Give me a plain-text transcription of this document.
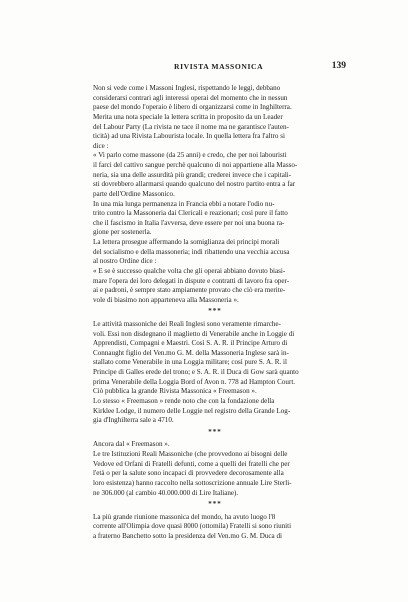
RIVISTA MASSONICA	139

Non si vede come i Massoni Inglesi, rispettando le leggi, debbano
considerarsi contrari agli interessi operai del momento che in nessun
paese del mondo l'operaio è libero di organizzarsi come in Inghilterra.

Merita una nota speciale la lettera scritta in proposito da un Leader
del Labour Party (La rivista ne tace il nome ma ne garantisce l'auten-
ticità) ad una Rivista Labourista locale. In quella lettera fra l'altro si
dice :

« Vi parlo come massone (da 25 anni) e credo, che per noi labouristi
il farci del cattivo sangue perchè qualcuno di noi appartiene alla Masso-
neria, sia una delle assurdità più grandi; crederei invece che i capitali-
sti dovrebbero allarmarsi quando qualcuno del nostro partito entra a far
parte dell'Ordine Massonico.

In una mia lunga permanenza in Francia ebbi a notare l'odio nu-
trito contro la Massoneria dai Clericali e reazionari; così pure il fatto
che il fascismo in Italia l'avversa, deve essere per noi una buona ra-
gione per sostenerla.

La lettera prosegue affermando la somiglianza dei principi morali
del socialismo e della massoneria; indi ribattendo una vecchia accusa
al nostro Ordine dice :

« E se è successo qualche volta che gli operai abbiano dovuto biasi-
mare l'opera dei loro delegati in dispute e contratti di lavoro fra oper-
ai e padroni, è sempre stato ampiamente provato che ciò era merite-
vole di biasimo non apparteneva alla Massoneria ».

***

Le attività massoniche dei Reali Inglesi sono veramente rimarche-
voli. Essi non disdegnano il maglietto di Venerabile anche in Loggie di
Apprendisti, Compagni e Maestri. Così S. A. R. il Principe Arturo di
Connaught figlio del Ven.mo G. M. della Massoneria Inglese sarà in-
stallato come Venerabile in una Loggia militare; così pure S. A. R. il
Principe di Galles erede del trono; e S. A. R. il Duca di Gow sarà quanto
prima Venerabile della Loggia Bord of Avon n. 778 ad Hampton Court.

Ciò pubblica la grande Rivista Massonica « Freemason ».

Lo stesso « Freemason » rende noto che con la fondazione della
Kirklee Lodge, il numero delle Loggie nel registro della Grande Log-
gia d'Inghilterra sale a 4710.

***

Ancora dal « Freemason ».

Le tre Istituzioni Reali Massoniche (che provvedono ai bisogni delle
Vedove ed Orfani di Fratelli defunti, come a quelli dei fratelli che per
l'età o per la salute sono incapaci di provvedere decorosamente alla
loro esistenza) hanno raccolto nella sottoscrizione annuale Lire Sterli-
ne 306.000 (al cambio 40.000.000 di Lire Italiane).

***

La più grande riunione massonica del mondo, ha avuto luogo l'8
corrente all'Olimpia dove quasi 8000 (ottomila) Fratelli si sono riuniti
a fraterno Banchetto sotto la presidenza del Ven.mo G. M. Duca di
